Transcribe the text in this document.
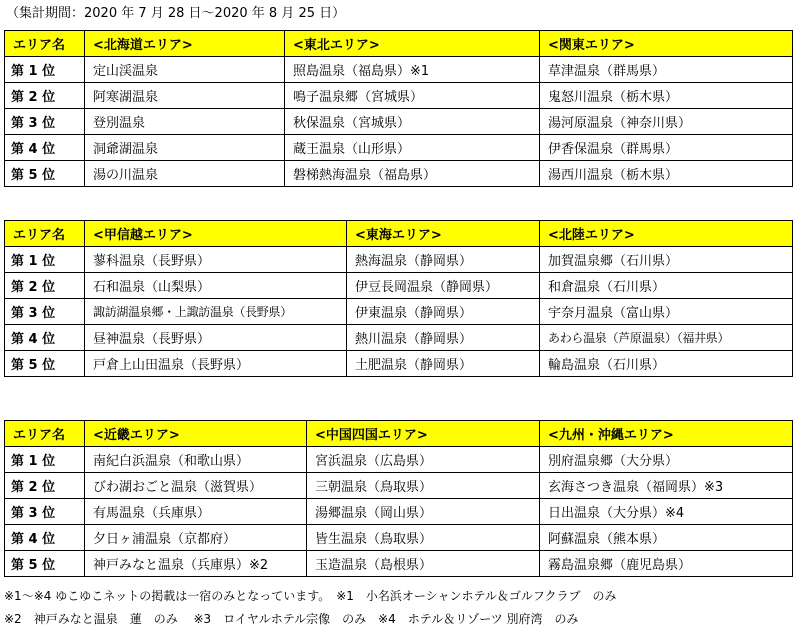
（集計期間：2020 年 7 月 28 日～2020 年 8 月 25 日）
エリア名	<北海道エリア>	<東北エリア>	<関東エリア>
第 1 位	定山渓温泉	照島温泉（福島県）※1	草津温泉（群馬県）
第 2 位	阿寒湖温泉	鳴子温泉郷（宮城県）	鬼怒川温泉（栃木県）
第 3 位	登別温泉	秋保温泉（宮城県）	湯河原温泉（神奈川県）
第 4 位	洞爺湖温泉	蔵王温泉（山形県）	伊香保温泉（群馬県）
第 5 位	湯の川温泉	磐梯熱海温泉（福島県）	湯西川温泉（栃木県）
エリア名	<甲信越エリア>	<東海エリア>	<北陸エリア>
第 1 位	蓼科温泉（長野県）	熱海温泉（静岡県）	加賀温泉郷（石川県）
第 2 位	石和温泉（山梨県）	伊豆長岡温泉（静岡県）	和倉温泉（石川県）
第 3 位	諏訪湖温泉郷・上諏訪温泉（長野県）	伊東温泉（静岡県）	宇奈月温泉（富山県）
第 4 位	昼神温泉（長野県）	熱川温泉（静岡県）	あわら温泉（芦原温泉）（福井県）
第 5 位	戸倉上山田温泉（長野県）	土肥温泉（静岡県）	輪島温泉（石川県）
エリア名	<近畿エリア>	<中国四国エリア>	<九州・沖縄エリア>
第 1 位	南紀白浜温泉（和歌山県）	宮浜温泉（広島県）	別府温泉郷（大分県）
第 2 位	びわ湖おごと温泉（滋賀県）	三朝温泉（鳥取県）	玄海さつき温泉（福岡県）※3
第 3 位	有馬温泉（兵庫県）	湯郷温泉（岡山県）	日出温泉（大分県）※4
第 4 位	夕日ヶ浦温泉（京都府）	皆生温泉（鳥取県）	阿蘇温泉（熊本県）
第 5 位	神戸みなと温泉（兵庫県）※2	玉造温泉（島根県）	霧島温泉郷（鹿児島県）
※1～※4 ゆこゆこネットの掲載は一宿のみとなっています。　※1　小名浜オーシャンホテル＆ゴルフクラブ　のみ
※2　神戸みなと温泉　蓮　のみ　 ※3　ロイヤルホテル宗像　のみ　※4　ホテル＆リゾーツ 別府湾　のみ
